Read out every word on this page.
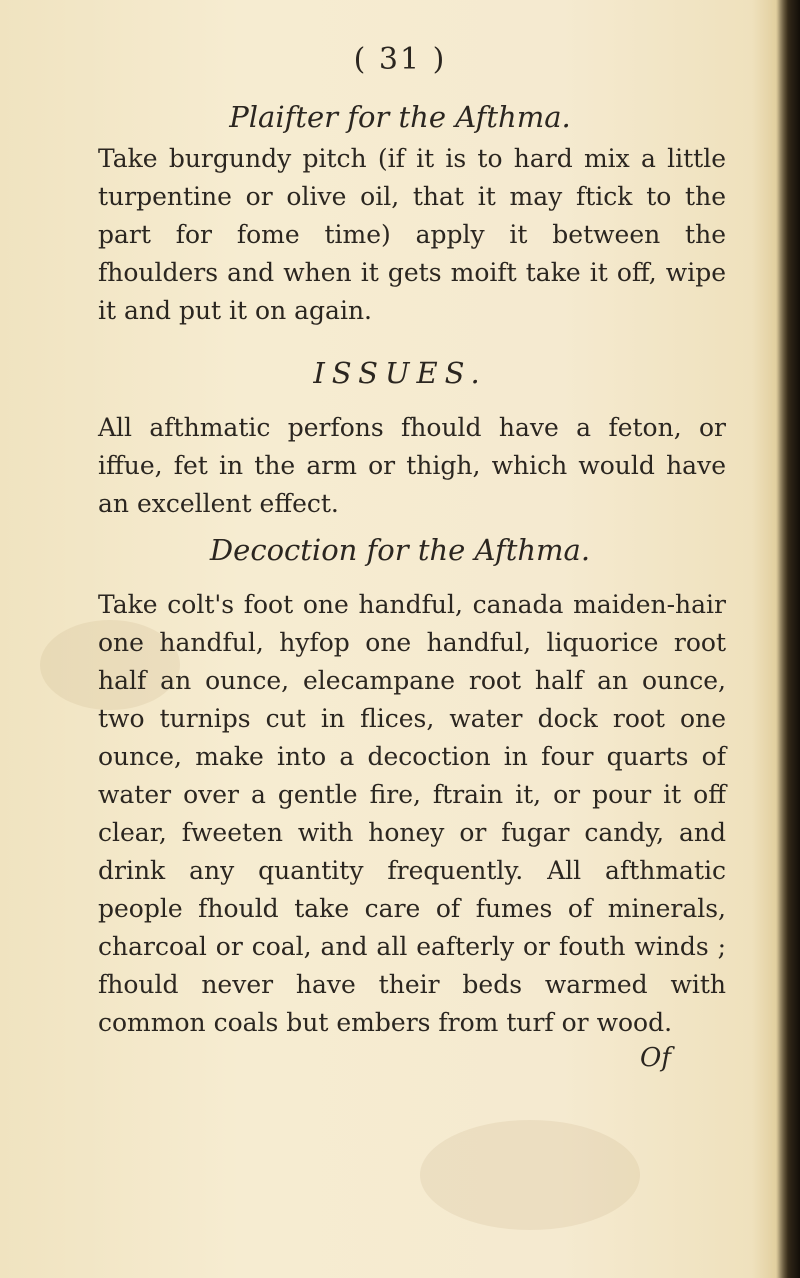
( 31 )
Plaifter for the Afthma.

Take burgundy pitch (if it is to hard mix a little turpentine or olive oil, that it may ftick to the part for fome time) apply it between the fhoulders and when it gets moift take it off, wipe it and put it on again.

ISSUES.

All afthmatic perfons fhould have a feton, or iffue, fet in the arm or thigh, which would have an excellent effect.

Decoction for the Afthma.

Take colt's foot one handful, canada maiden-hair one handful, hyfop one handful, liquorice root half an ounce, elecampane root half an ounce, two turnips cut in flices, water dock root one ounce, make into a decoction in four quarts of water over a gentle fire, ftrain it, or pour it off clear, fweeten with honey or fugar candy, and drink any quantity frequently. All afthmatic people fhould take care of fumes of minerals, charcoal or coal, and all eafterly or fouth winds ; fhould never have their beds warmed with common coals but embers from turf or wood.

Of
